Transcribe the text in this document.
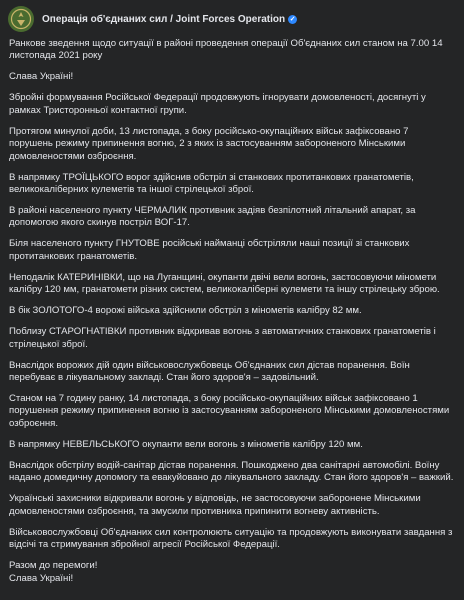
Операція об'єднаних сил / Joint Forces Operation ✓

Ранкове зведення щодо ситуації в районі проведення операції Об'єднаних сил станом на 7.00 14 листопада 2021 року

Слава Україні!

Збройні формування Російської Федерації продовжують ігнорувати домовленості, досягнуті у рамках Тристоронньої контактної групи.

Протягом минулої доби, 13 листопада, з боку російсько-окупаційних військ зафіксовано 7 порушень режиму припинення вогню, 2 з яких із застосуванням забороненого Мінськими домовленостями озброєння.

В напрямку ТРОЇЦЬКОГО ворог здійснив обстріл зі станкових протитанкових гранатометів, великокаліберних кулеметів та іншої стрілецької зброї.

В районі населеного пункту ЧЕРМАЛИК противник задіяв безпілотний літальний апарат, за допомогою якого скинув постріл ВОГ-17.

Біля населеного пункту ГНУТОВЕ російські найманці обстріляли наші позиції зі станкових протитанкових гранатометів.

Неподалік КАТЕРИНІВКИ, що на Луганщині, окупанти двічі вели вогонь, застосовуючи міномети калібру 120 мм, гранатомети різних систем, великокаліберні кулемети та іншу стрілецьку зброю.

В бік ЗОЛОТОГО-4 ворожі війська здійснили обстріл з мінометів калібру 82 мм.

Поблизу СТАРОГНАТІВКИ противник відкривав вогонь з автоматичних станкових гранатометів і стрілецької зброї.

Внаслідок ворожих дій один військовослужбовець Об'єднаних сил дістав поранення. Воїн перебуває в лікувальному закладі. Стан його здоров'я – задовільний.

Станом на 7 годину ранку, 14 листопада, з боку російсько-окупаційних військ зафіксовано 1 порушення режиму припинення вогню із застосуванням забороненого Мінськими домовленостями озброєння.

В напрямку НЕВЕЛЬСЬКОГО окупанти вели вогонь з мінометів калібру 120 мм.

Внаслідок обстрілу водій-санітар дістав поранення. Пошкоджено два санітарні автомобілі. Воїну надано домедичну допомогу та евакуйовано до лікувального закладу. Стан його здоров'я – важкий.

Українські захисники відкривали вогонь у відповідь, не застосовуючи заборонене Мінськими домовленостями озброєння, та змусили противника припинити вогневу активність.

Військовослужбовці Об'єднаних сил контролюють ситуацію та продовжують виконувати завдання з відсічі та стримування збройної агресії Російської Федерації.

Разом до перемоги!
Слава Україні!
